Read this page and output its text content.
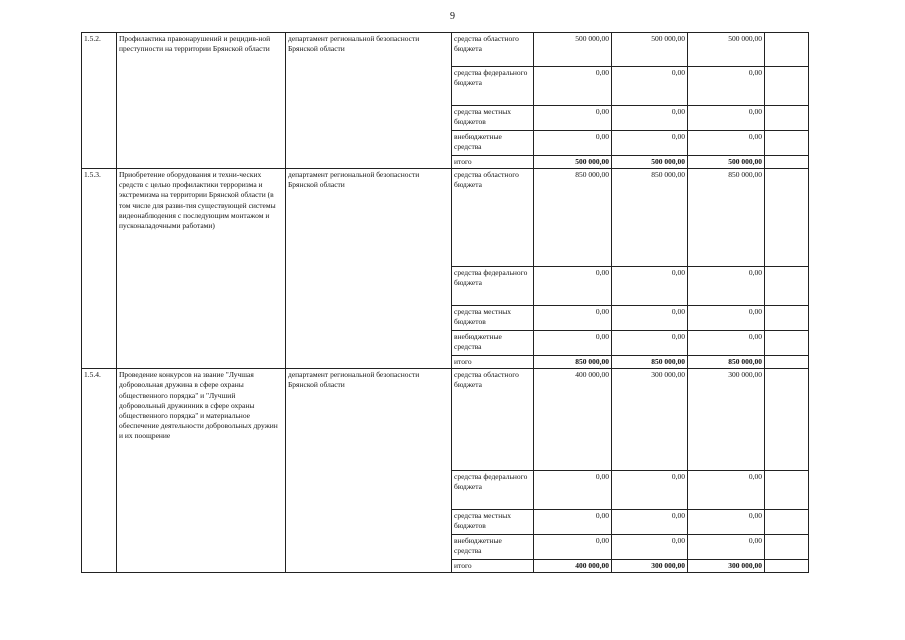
9
1.5.2.	Профилактика правонарушений и рецидив-ной преступности на территории Брянской области	департамент региональной безопасности Брянской области	средства областного бюджета	500 000,00	500 000,00	500 000,00	
			средства федерального бюджета	0,00	0,00	0,00	
			средства местных бюджетов	0,00	0,00	0,00	
			внебюджетные средства	0,00	0,00	0,00	
			итого	500 000,00	500 000,00	500 000,00	
1.5.3.	Приобретение оборудования и техни-ческих средств с целью профилактики терроризма и экстремизма на территории Брянской области (в том числе для разви-тия существующей системы видеонаблюдения с последующим монтажом и пусконаладочными работами)	департамент региональной безопасности Брянской области	средства областного бюджета	850 000,00	850 000,00	850 000,00	
			средства федерального бюджета	0,00	0,00	0,00	
			средства местных бюджетов	0,00	0,00	0,00	
			внебюджетные средства	0,00	0,00	0,00	
			итого	850 000,00	850 000,00	850 000,00	
1.5.4.	Проведение конкурсов на звание "Лучшая добровольная дружина в сфере охраны общественного порядка" и "Лучший добровольный дружинник в сфере охраны общественного порядка" и материальное обеспечение деятельности добровольных дружин и их поощрение	департамент региональной безопасности Брянской области	средства областного бюджета	400 000,00	300 000,00	300 000,00	
			средства федерального бюджета	0,00	0,00	0,00	
			средства местных бюджетов	0,00	0,00	0,00	
			внебюджетные средства	0,00	0,00	0,00	
			итого	400 000,00	300 000,00	300 000,00	
